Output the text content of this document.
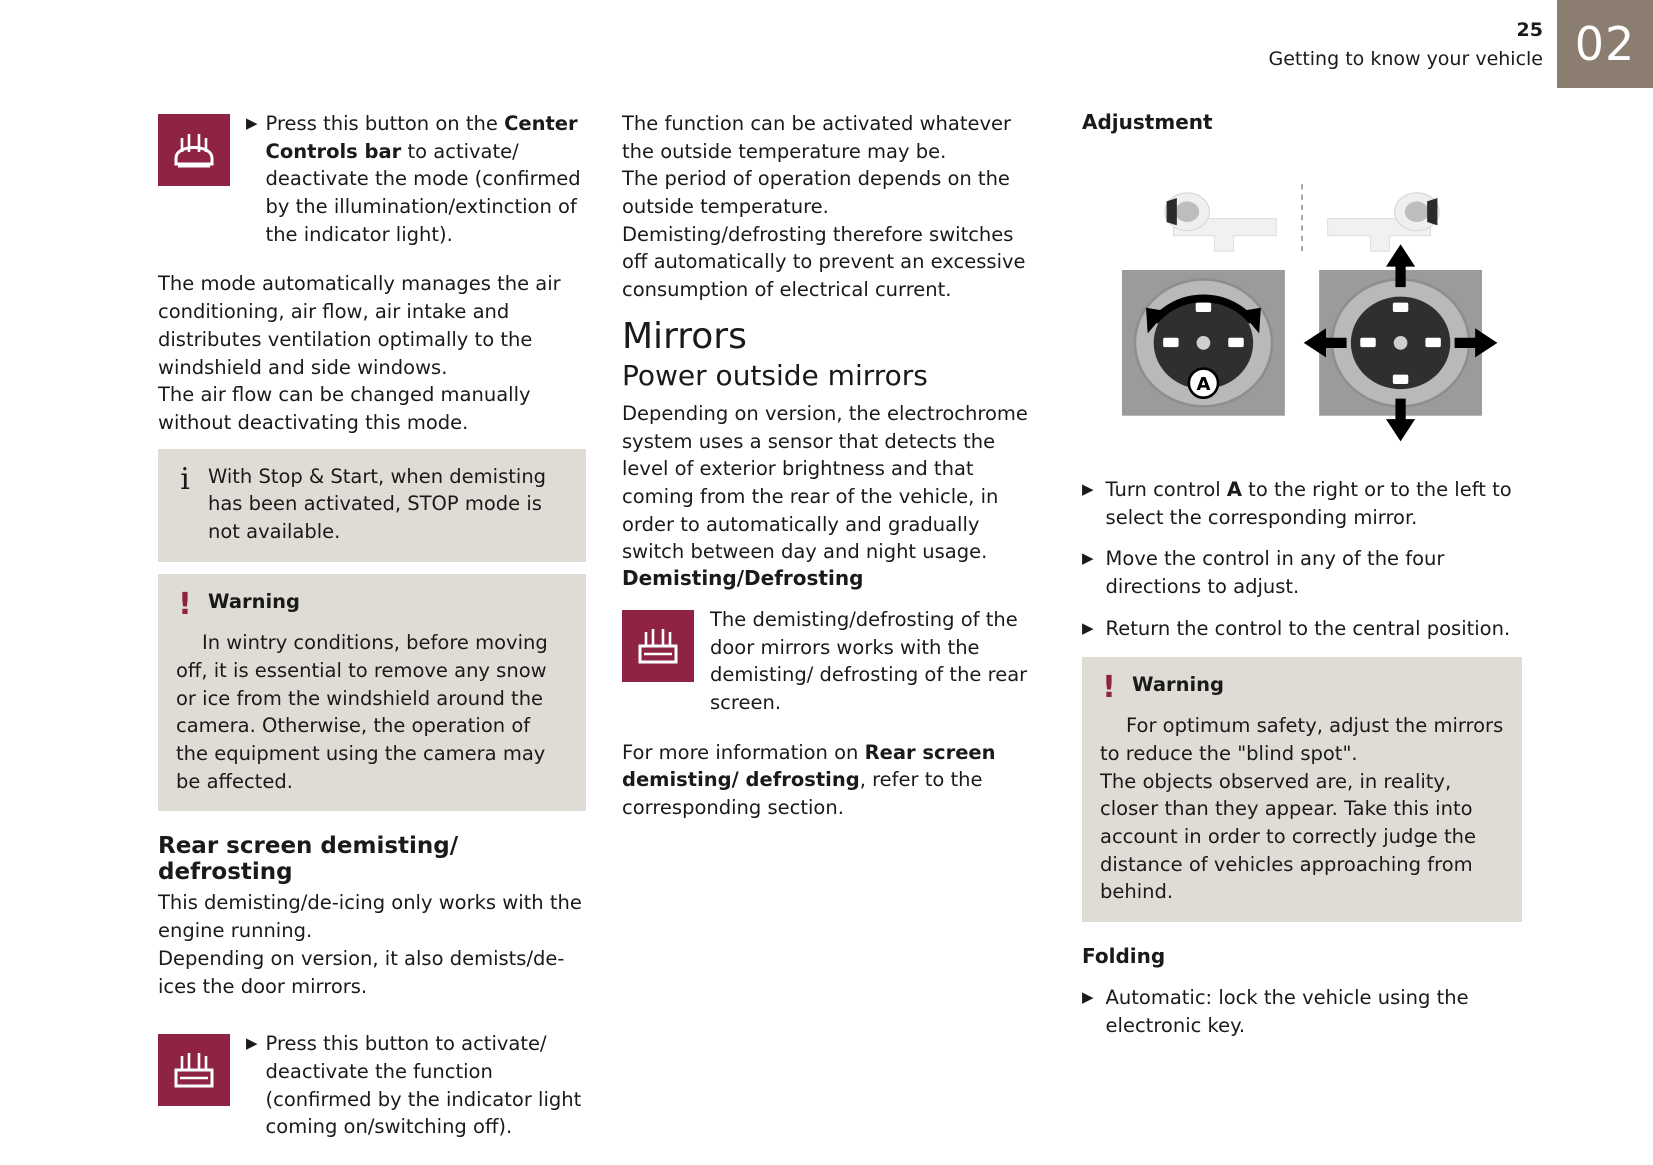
02
25
Getting to know your vehicle
▶ Press this button on the Center Controls bar to activate/ deactivate the mode (confirmed by the illumination/extinction of the indicator light).

The mode automatically manages the air conditioning, air flow, air intake and distributes ventilation optimally to the windshield and side windows.

The air flow can be changed manually without deactivating this mode.

i With Stop & Start, when demisting has been activated, STOP mode is not available.
! Warning
In wintry conditions, before moving off, it is essential to remove any snow or ice from the windshield around the camera. Otherwise, the operation of the equipment using the camera may be affected.
Rear screen demisting/ defrosting

This demisting/de-icing only works with the engine running.

Depending on version, it also demists/de-ices the door mirrors.

▶ Press this button to activate/ deactivate the function (confirmed by the indicator light coming on/switching off).

The function can be activated whatever the outside temperature may be.

The period of operation depends on the outside temperature.

Demisting/defrosting therefore switches off automatically to prevent an excessive consumption of electrical current.

Mirrors
Power outside mirrors

Depending on version, the electrochrome system uses a sensor that detects the level of exterior brightness and that coming from the rear of the vehicle, in order to automatically and gradually switch between day and night usage.

Demisting/Defrosting
The demisting/defrosting of the door mirrors works with the demisting/ defrosting of the rear screen.

For more information on Rear screen demisting/ defrosting, refer to the corresponding section.

Adjustment
A
▶ Turn control A to the right or to the left to select the corresponding mirror.
▶ Move the control in any of the four directions to adjust.
▶ Return the control to the central position.
! Warning
For optimum safety, adjust the mirrors to reduce the "blind spot".
The objects observed are, in reality, closer than they appear. Take this into account in order to correctly judge the distance of vehicles approaching from behind.
Folding
▶ Automatic: lock the vehicle using the electronic key.
